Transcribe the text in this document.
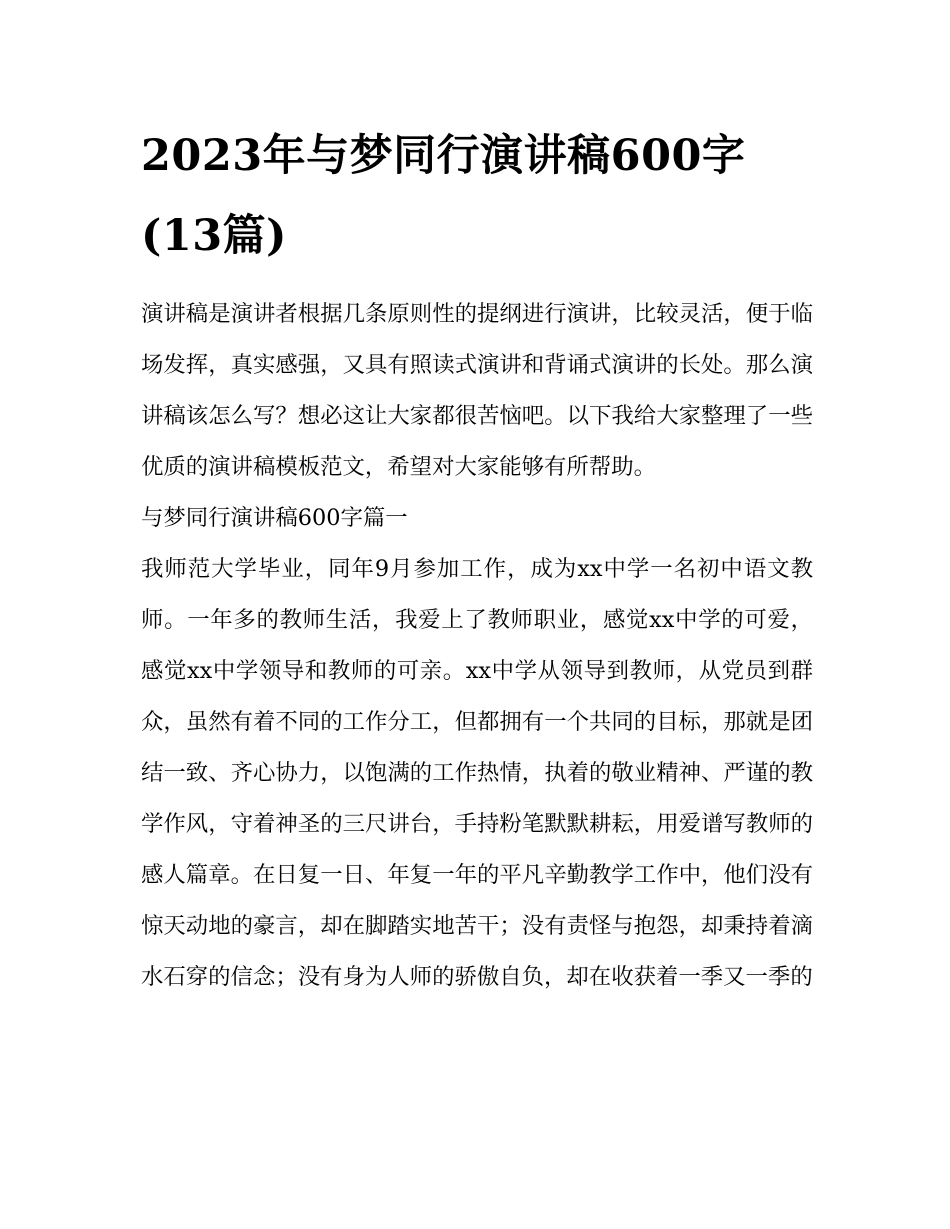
2023年与梦同行演讲稿600字(13篇)

演讲稿是演讲者根据几条原则性的提纲进行演讲，比较灵活，便于临场发挥，真实感强，又具有照读式演讲和背诵式演讲的长处。那么演讲稿该怎么写？想必这让大家都很苦恼吧。以下我给大家整理了一些优质的演讲稿模板范文，希望对大家能够有所帮助。

与梦同行演讲稿600字篇一

我师范大学毕业，同年9月参加工作，成为xx中学一名初中语文教师。一年多的教师生活，我爱上了教师职业，感觉xx中学的可爱，感觉xx中学领导和教师的可亲。xx中学从领导到教师，从党员到群众，虽然有着不同的工作分工，但都拥有一个共同的目标，那就是团结一致、齐心协力，以饱满的工作热情，执着的敬业精神、严谨的教学作风，守着神圣的三尺讲台，手持粉笔默默耕耘，用爱谱写教师的感人篇章。在日复一日、年复一年的平凡辛勤教学工作中，他们没有惊天动地的豪言，却在脚踏实地苦干；没有责怪与抱怨，却秉持着滴水石穿的信念；没有身为人师的骄傲自负，却在收获着一季又一季的
